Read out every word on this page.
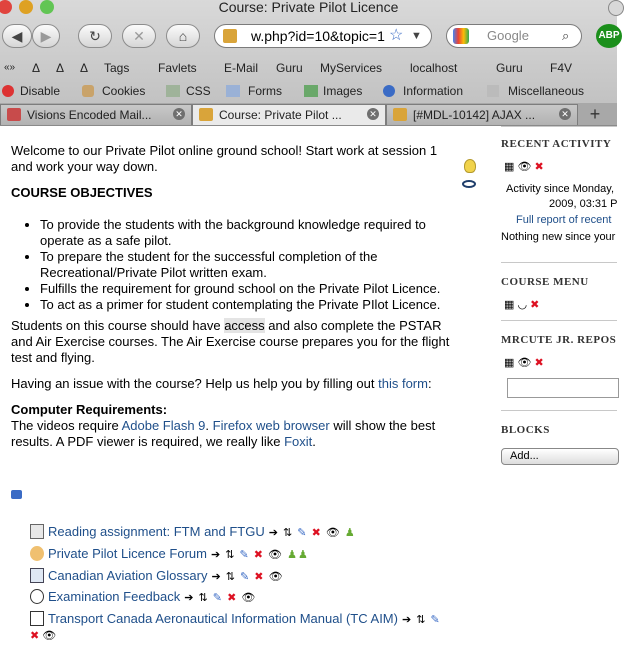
Course: Private Pilot Licence
◀	▶	↻	✕	⌂	w.php?id=10&topic=1 ☆ ▼	Google	⌕	ABP
«» Δ Δ Δ Tags Favlets E-Mail Guru MyServices localhost	Guru F4V
Disable	Cookies	CSS	Forms	Images	Information	Miscellaneous
Visions Encoded Mail...	✕	Course: Private Pilot ...	✕	[#MDL-10142] AJAX ...	✕	+

Welcome to our Private Pilot online ground school! Start work at session 1 and work your way down.

COURSE OBJECTIVES
• To provide the students with the background knowledge required to operate as a safe pilot.
• To prepare the student for the successful completion of the Recreational/Private Pilot written exam.
• Fulfills the requirement for ground school on the Private Pilot Licence.
• To act as a primer for student contemplating the Private PIlot Licence.

Students on this course should have access and also complete the PSTAR and Air Exercise courses. The Air Exercise course prepares you for the flight test and flying.

Having an issue with the course? Help us help you by filling out this form:

Computer Requirements:

The videos require Adobe Flash 9. Firefox web browser will show the best results. A PDF viewer is required, we really like Foxit.

Reading assignment: FTM and FTGU ➔ ⇅ ✎ ✖ 👁 ♟
Private Pilot Licence Forum ➔ ⇅ ✎ ✖ 👁 ♟♟
Canadian Aviation Glossary ➔ ⇅ ✎ ✖ 👁
Examination Feedback ➔ ⇅ ✎ ✖ 👁
Transport Canada Aeronautical Information Manual (TC AIM) ➔ ⇅ ✎
✖ 👁
RECENT ACTIVITY
▦ 👁 ✖
Activity since Monday,
2009, 03:31 P
Full report of recent
Nothing new since your
COURSE MENU
▦ ◡ ✖
MRCUTE JR. REPOS
▦ 👁 ✖
BLOCKS
Add...
